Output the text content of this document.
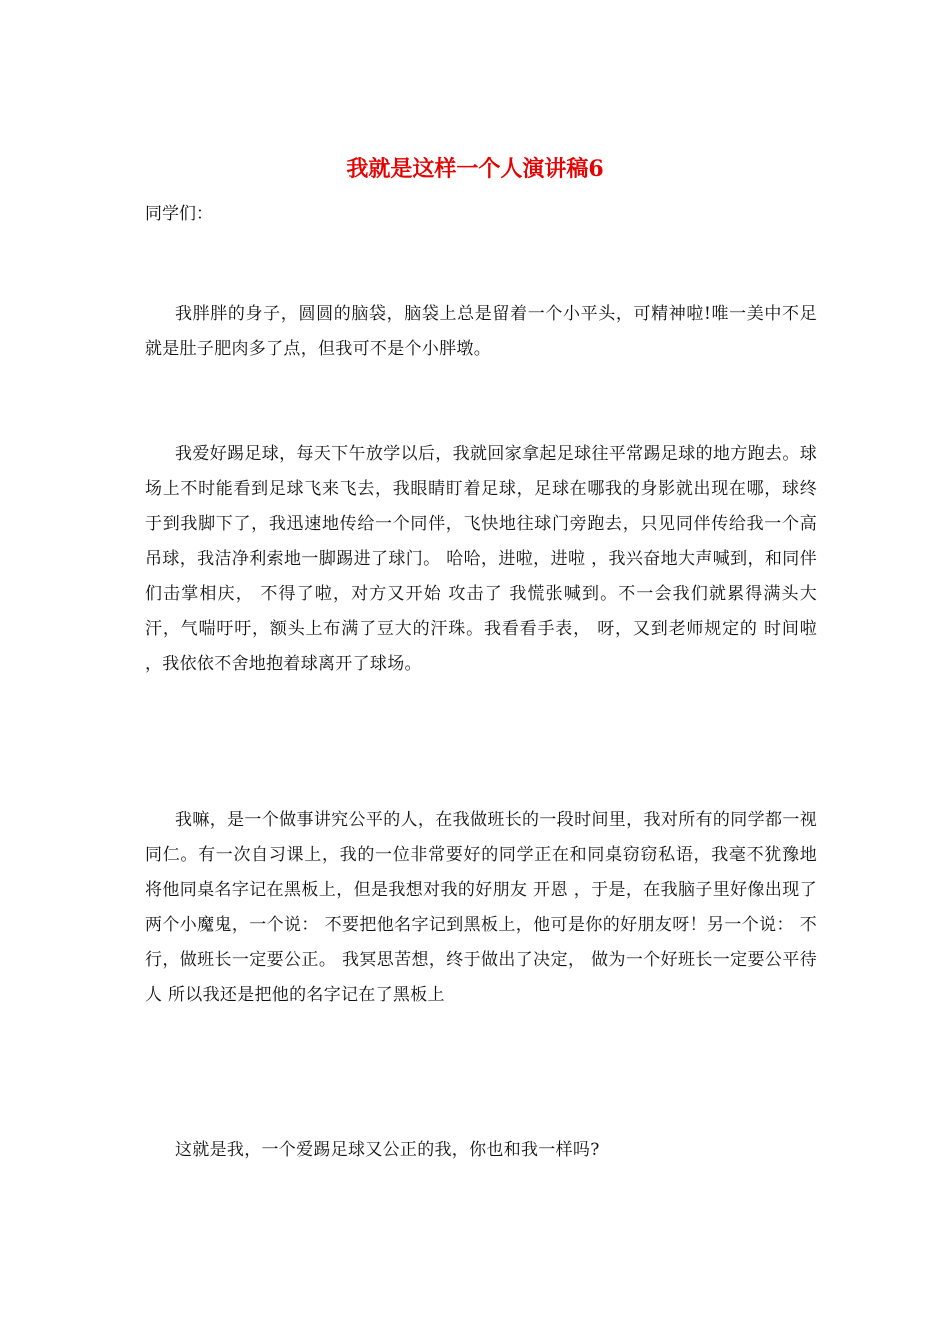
我就是这样一个人演讲稿6

同学们：

我胖胖的身子，圆圆的脑袋，脑袋上总是留着一个小平头，可精神啦!唯一美中不足就是肚子肥肉多了点，但我可不是个小胖墩。

我爱好踢足球，每天下午放学以后，我就回家拿起足球往平常踢足球的地方跑去。球场上不时能看到足球飞来飞去，我眼睛盯着足球，足球在哪我的身影就出现在哪，球终于到我脚下了，我迅速地传给一个同伴，飞快地往球门旁跑去，只见同伴传给我一个高吊球，我洁净利索地一脚踢进了球门。 哈哈，进啦，进啦 ，我兴奋地大声喊到，和同伴们击掌相庆， 不得了啦，对方又开始 攻击了 我慌张喊到。不一会我们就累得满头大汗，气喘吁吁，额头上布满了豆大的汗珠。我看看手表， 呀，又到老师规定的 时间啦 ，我依依不舍地抱着球离开了球场。

我嘛，是一个做事讲究公平的人，在我做班长的一段时间里，我对所有的同学都一视同仁。有一次自习课上，我的一位非常要好的同学正在和同桌窃窃私语，我毫不犹豫地将他同桌名字记在黑板上，但是我想对我的好朋友 开恩 ，于是，在我脑子里好像出现了两个小魔鬼，一个说： 不要把他名字记到黑板上，他可是你的好朋友呀！另一个说： 不行，做班长一定要公正。 我冥思苦想，终于做出了决定， 做为一个好班长一定要公平待人 所以我还是把他的名字记在了黑板上

这就是我，一个爱踢足球又公正的我，你也和我一样吗?
